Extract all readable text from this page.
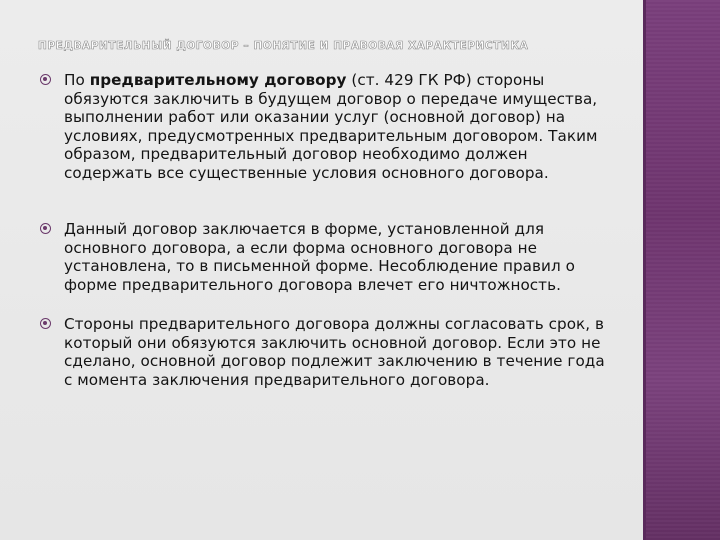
ПРЕДВАРИТЕЛЬНЫЙ ДОГОВОР – ПОНЯТИЕ И ПРАВОВАЯ ХАРАКТЕРИСТИКА
По предварительному договору (ст. 429 ГК РФ) стороны обязуются заключить в будущем договор о передаче имущества, выполнении работ или оказании услуг (основной договор) на условиях, предусмотренных предварительным договором. Таким образом, предварительный договор необходимо должен содержать все существенные условия основного договора.
Данный договор заключается в форме, установленной для основного договора, а если форма основного договора не установлена, то в письменной форме. Несоблюдение правил о форме предварительного договора влечет его ничтожность.
Стороны предварительного договора должны согласовать срок, в который они обязуются заключить основной договор. Если это не сделано, основной договор подлежит заключению в течение года с момента заключения предварительного договора.
